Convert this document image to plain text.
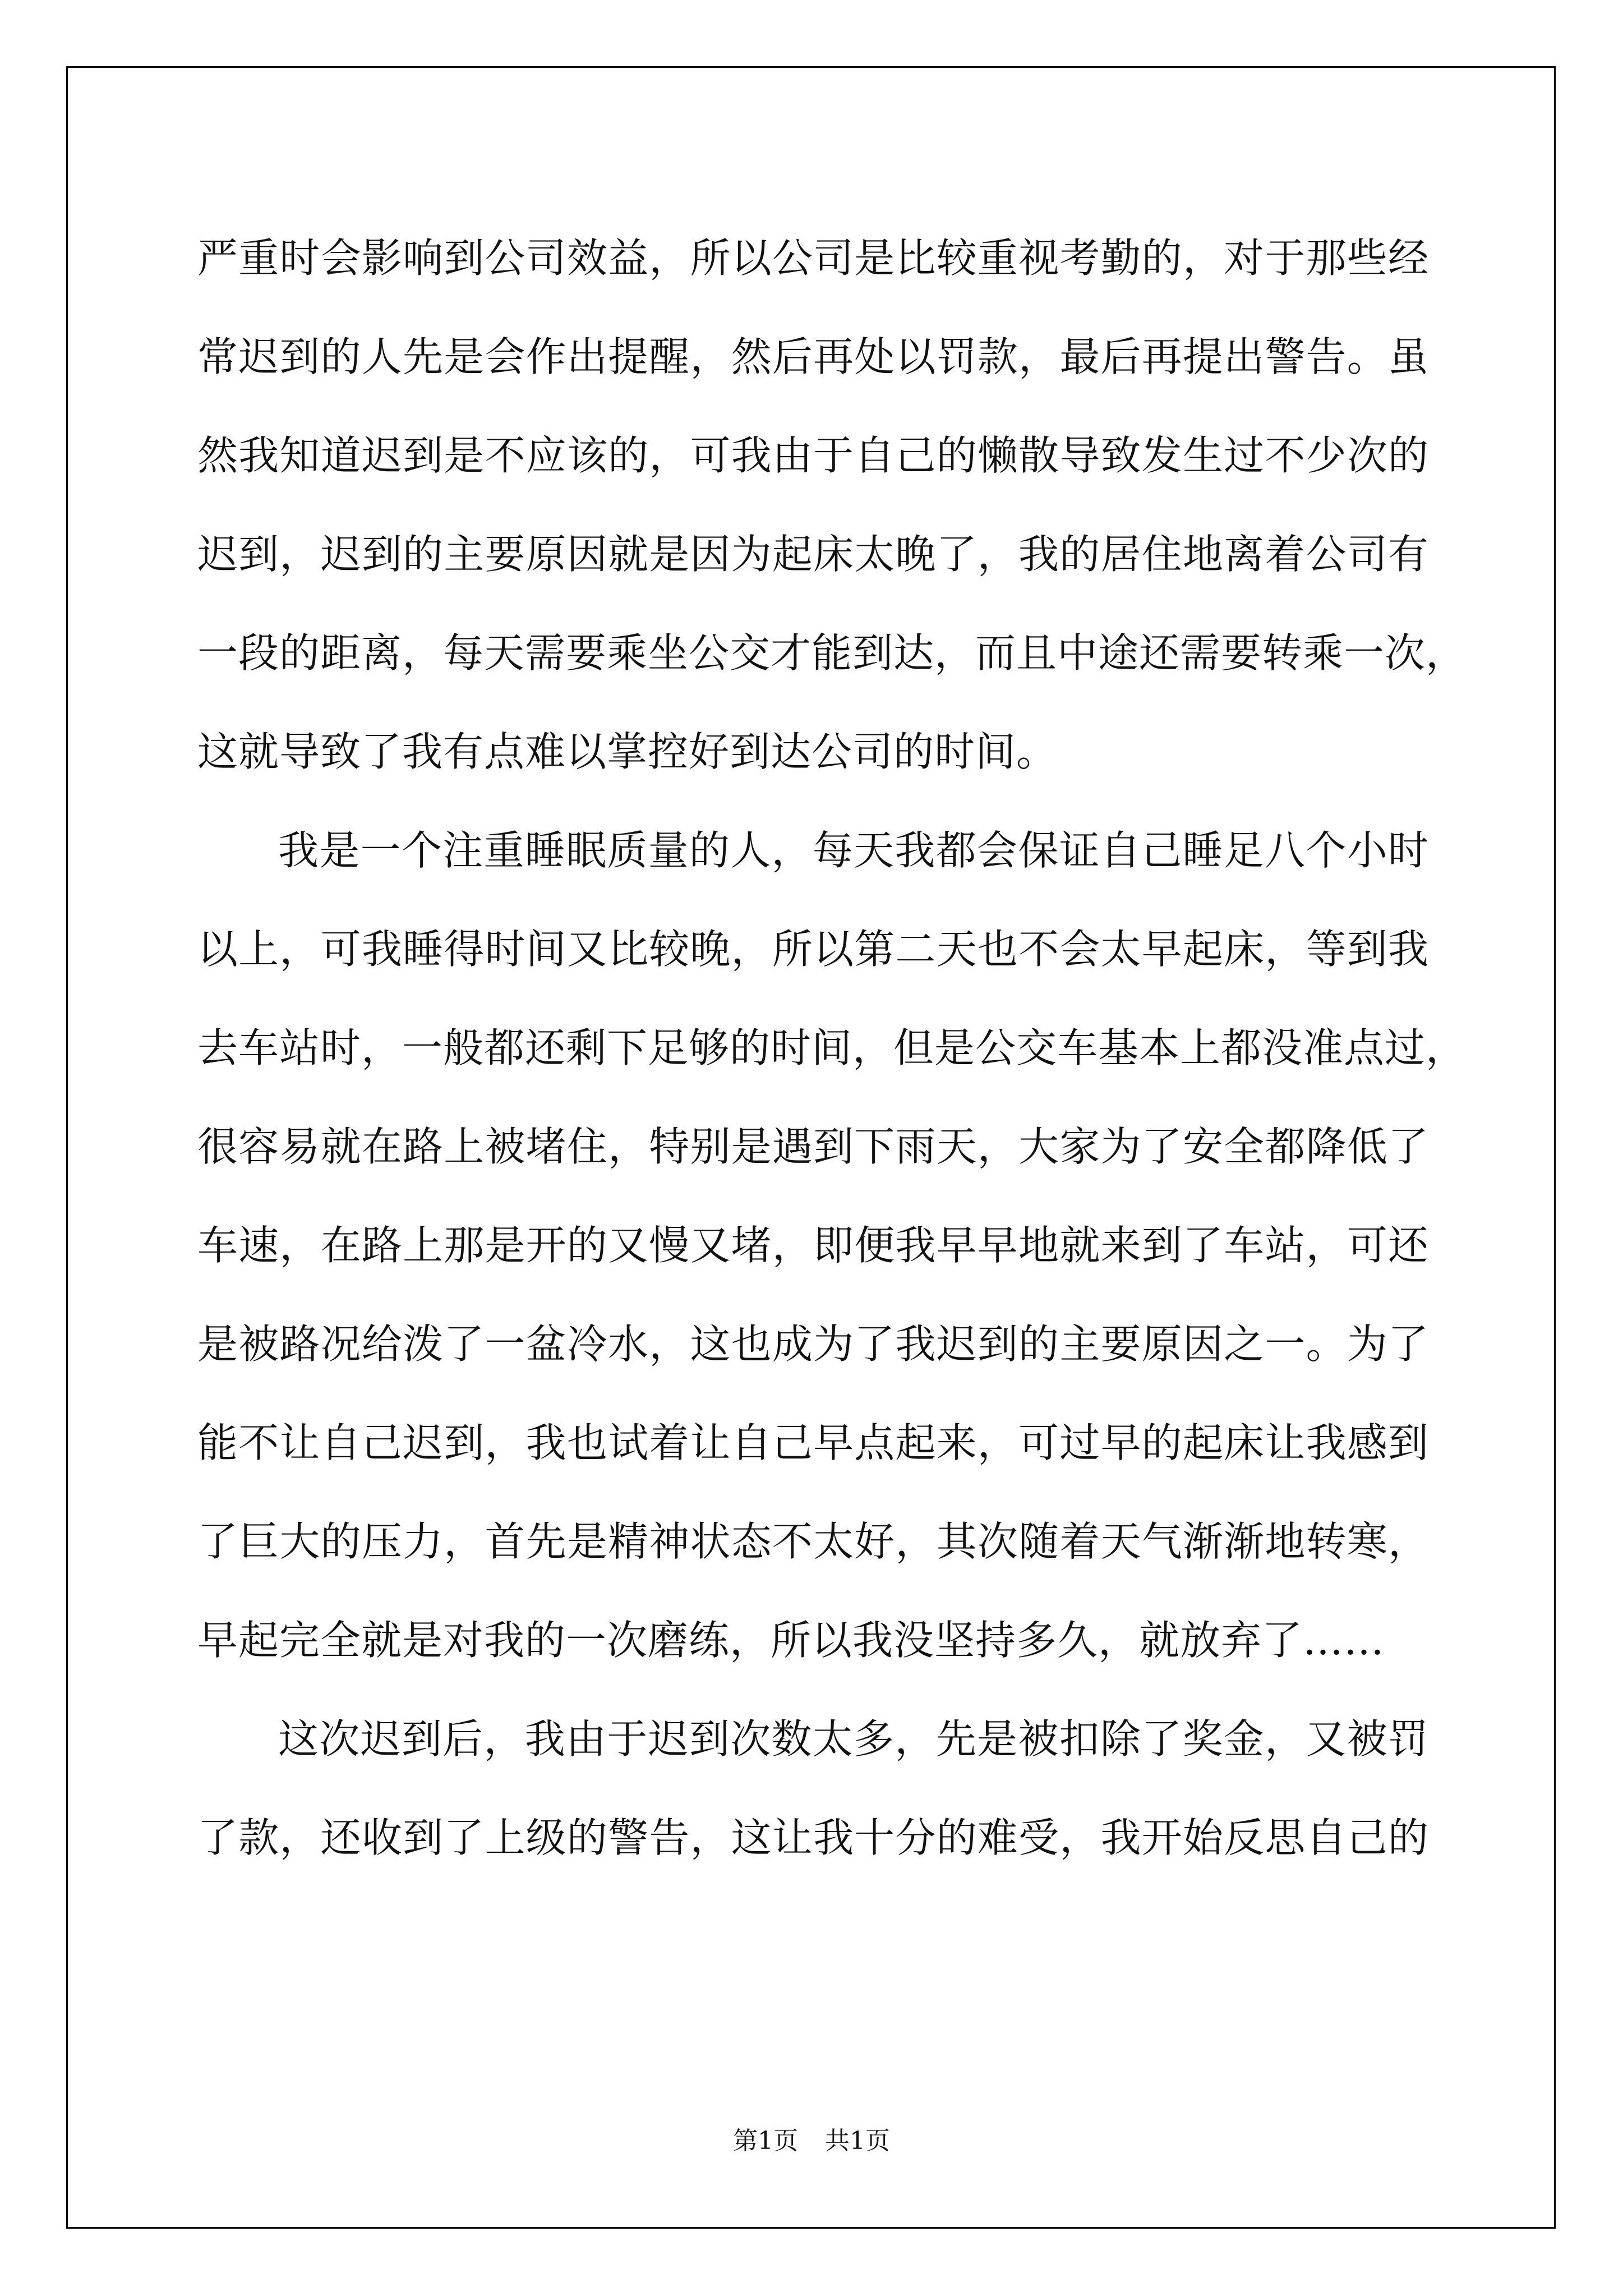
严重时会影响到公司效益，所以公司是比较重视考勤的，对于那些经
常迟到的人先是会作出提醒，然后再处以罚款，最后再提出警告。虽
然我知道迟到是不应该的，可我由于自己的懒散导致发生过不少次的
迟到，迟到的主要原因就是因为起床太晚了，我的居住地离着公司有
一段的距离，每天需要乘坐公交才能到达，而且中途还需要转乘一次，
这就导致了我有点难以掌控好到达公司的时间。
我是一个注重睡眠质量的人，每天我都会保证自己睡足八个小时
以上，可我睡得时间又比较晚，所以第二天也不会太早起床，等到我
去车站时，一般都还剩下足够的时间，但是公交车基本上都没准点过，
很容易就在路上被堵住，特别是遇到下雨天，大家为了安全都降低了
车速，在路上那是开的又慢又堵，即便我早早地就来到了车站，可还
是被路况给泼了一盆冷水，这也成为了我迟到的主要原因之一。为了
能不让自己迟到，我也试着让自己早点起来，可过早的起床让我感到
了巨大的压力，首先是精神状态不太好，其次随着天气渐渐地转寒，
早起完全就是对我的一次磨练，所以我没坚持多久，就放弃了……
这次迟到后，我由于迟到次数太多，先是被扣除了奖金，又被罚
了款，还收到了上级的警告，这让我十分的难受，我开始反思自己的
第1页 共1页
